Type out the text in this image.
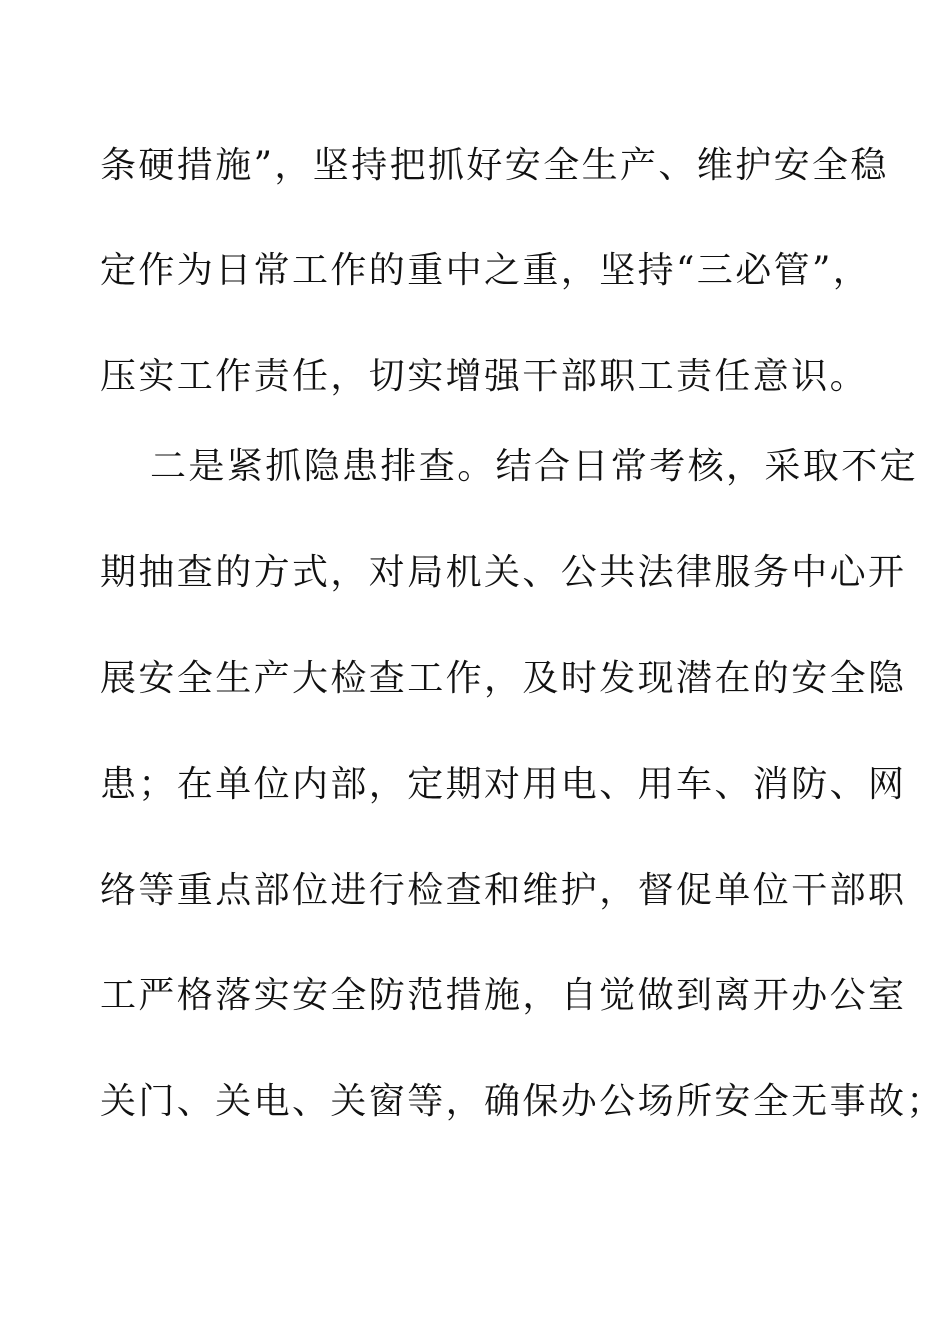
条硬措施”，坚持把抓好安全生产、维护安全稳
定作为日常工作的重中之重，坚持“三必管”，
压实工作责任，切实增强干部职工责任意识。
二是紧抓隐患排查。结合日常考核，采取不定
期抽查的方式，对局机关、公共法律服务中心开
展安全生产大检查工作，及时发现潜在的安全隐
患；在单位内部，定期对用电、用车、消防、网
络等重点部位进行检查和维护，督促单位干部职
工严格落实安全防范措施，自觉做到离开办公室
关门、关电、关窗等，确保办公场所安全无事故；
